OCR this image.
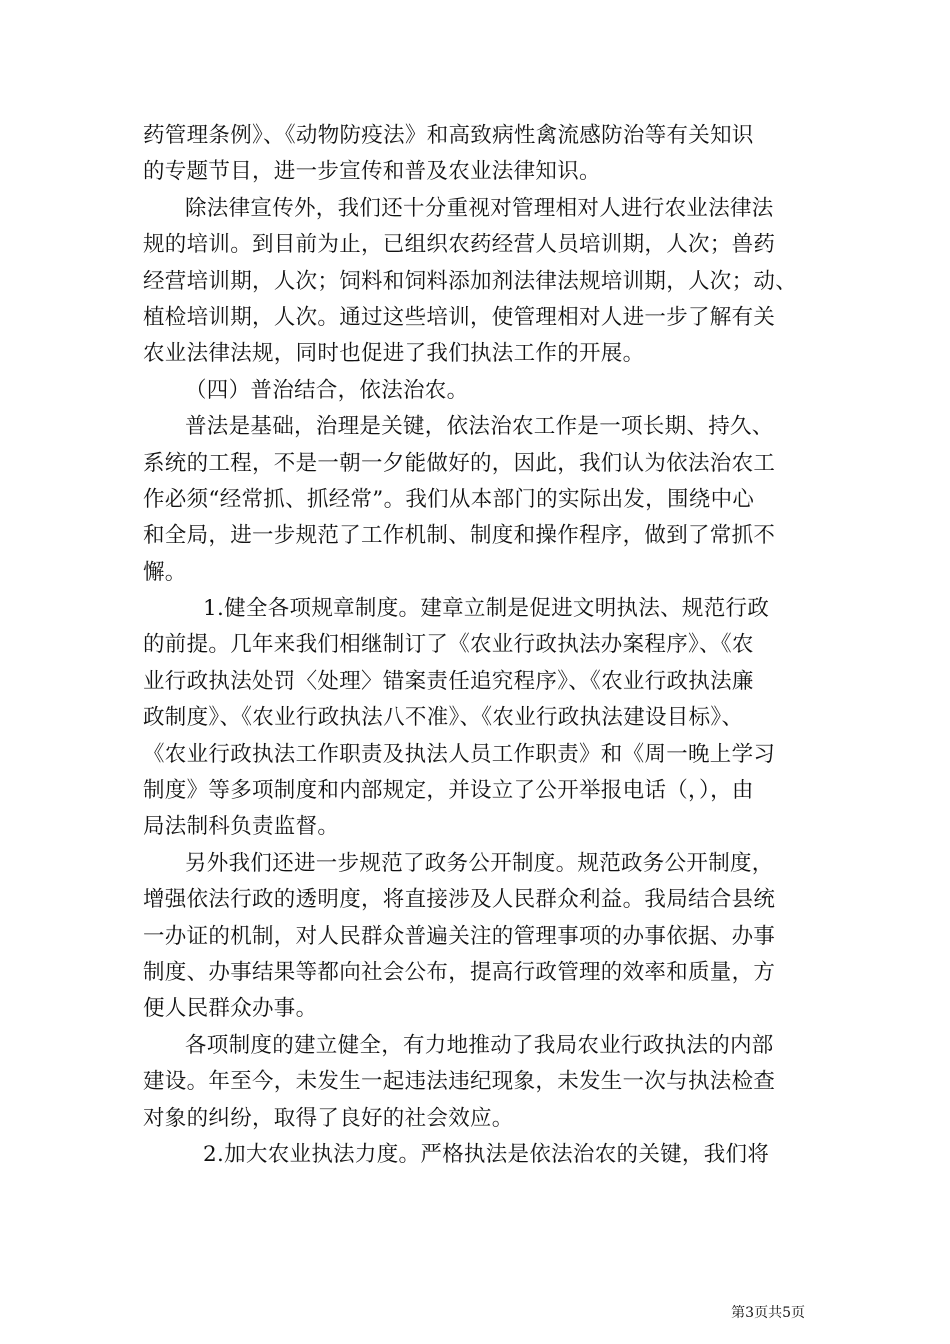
药管理条例》、《动物防疫法》和高致病性禽流感防治等有关知识
的专题节目，进一步宣传和普及农业法律知识。
除法律宣传外，我们还十分重视对管理相对人进行农业法律法
规的培训。到目前为止，已组织农药经营人员培训期，人次；兽药
经营培训期，人次；饲料和饲料添加剂法律法规培训期，人次；动、
植检培训期，人次。通过这些培训，使管理相对人进一步了解有关
农业法律法规，同时也促进了我们执法工作的开展。
（四）普治结合，依法治农。
普法是基础，治理是关键，依法治农工作是一项长期、持久、
系统的工程，不是一朝一夕能做好的，因此，我们认为依法治农工
作必须“经常抓、抓经常”。我们从本部门的实际出发，围绕中心
和全局，进一步规范了工作机制、制度和操作程序，做到了常抓不
懈。
1.健全各项规章制度。建章立制是促进文明执法、规范行政
的前提。几年来我们相继制订了《农业行政执法办案程序》、《农
业行政执法处罚〈处理〉错案责任追究程序》、《农业行政执法廉
政制度》、《农业行政执法八不准》、《农业行政执法建设目标》、
《农业行政执法工作职责及执法人员工作职责》和《周一晚上学习
制度》等多项制度和内部规定，并设立了公开举报电话（，），由
局法制科负责监督。
另外我们还进一步规范了政务公开制度。规范政务公开制度，
增强依法行政的透明度，将直接涉及人民群众利益。我局结合县统
一办证的机制，对人民群众普遍关注的管理事项的办事依据、办事
制度、办事结果等都向社会公布，提高行政管理的效率和质量，方
便人民群众办事。
各项制度的建立健全，有力地推动了我局农业行政执法的内部
建设。年至今，未发生一起违法违纪现象，未发生一次与执法检查
对象的纠纷，取得了良好的社会效应。
2.加大农业执法力度。严格执法是依法治农的关键，我们将
第3页共5页
